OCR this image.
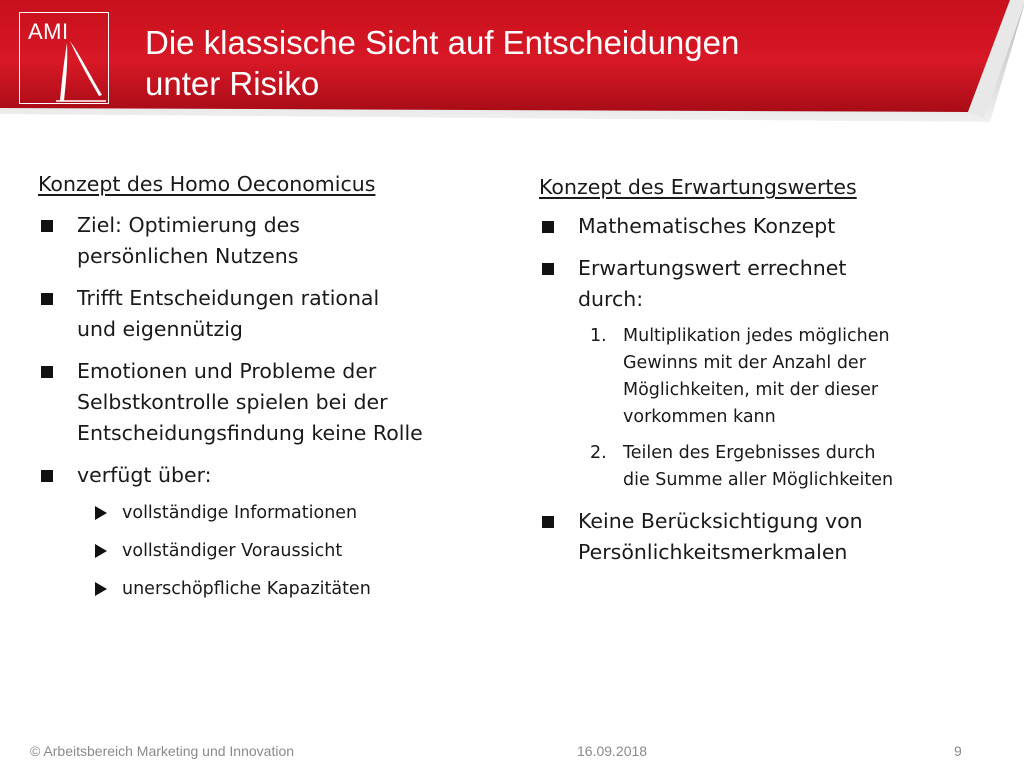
AMI Die klassische Sicht auf Entscheidungen
unter Risiko
Konzept des Homo Oeconomicus
Ziel: Optimierung des
persönlichen Nutzens
Trifft Entscheidungen rational
und eigennützig
Emotionen und Probleme der
Selbstkontrolle spielen bei der
Entscheidungsfindung keine Rolle
verfügt über:
vollständige Informationen
vollständiger Voraussicht
unerschöpfliche Kapazitäten
Konzept des Erwartungswertes
Mathematisches Konzept
Erwartungswert errechnet
durch:
1. Multiplikation jedes möglichen
Gewinns mit der Anzahl der
Möglichkeiten, mit der dieser
vorkommen kann
2. Teilen des Ergebnisses durch
die Summe aller Möglichkeiten
Keine Berücksichtigung von
Persönlichkeitsmerkmalen
© Arbeitsbereich Marketing und Innovation	16.09.2018	9
